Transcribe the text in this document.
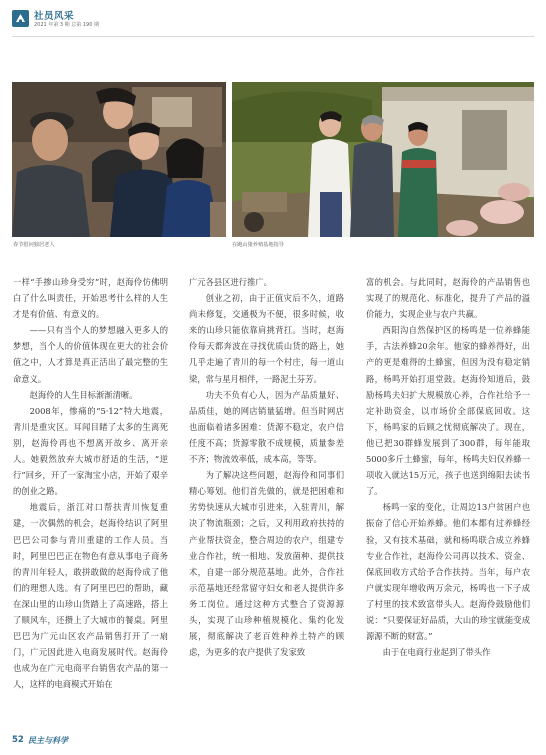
社员风采
2021 年第 3 期 总第 190 期
春节慰问独居老人	在跑山猪养殖基地指导

一样“手掺山珍身受穷”时，赵海伶仿佛明白了什么叫责任，开始思考什么样的人生才是有价值、有意义的。

——只有当个人的梦想融入更多人的梦想，当个人的价值体现在更大的社会价值之中，人才算是真正活出了最完整的生命意义。

赵海伶的人生目标渐渐清晰。

2008年，惨痛的“5·12”特大地震，青川是重灾区。耳闻目睹了太多的生离死别，赵海伶再也不想离开故乡、离开亲人。她毅然放弃大城市舒适的生活，“逆行”回乡，开了一家淘宝小店，开始了艰辛的创业之路。

地震后，浙江对口帮扶青川恢复重建，一次偶然的机会，赵海伶结识了阿里巴巴公司参与青川重建的工作人员。当时，阿里巴巴正在物色有意从事电子商务的青川年轻人，敢拼敢做的赵海伶成了他们的理想人选。有了阿里巴巴的帮助，藏在深山里的山珍山货踏上了高速路，搭上了顺风车，还攒上了大城市的餐桌。阿里巴巴为广元山区农产品销售打开了一扇门，广元因此进入电商发展时代。赵海伶也成为在广元电商平台销售农产品的第一人，这样的电商模式开始在

广元各县区进行推广。

创业之初，由于正值灾后不久，道路尚未修复，交通极为不便，很多时候，收来的山珍只能依靠肩挑背扛。当时，赵海伶每天都奔波在寻找优质山货的路上，她几乎走遍了青川的每一个村庄，每一道山梁，常与星月相伴，一路泥土芬芳。

功夫不负有心人，因为产品质量好、品质佳，她的网店销量猛增。但当时网店也面临着诸多困难：货源不稳定，农户信任度不高；货源零散不成规模，质量参差不齐；物流效率低，成本高，等等。

为了解决这些问题，赵海伶和同事们精心筹划。他们首先做的，就是把困难和劣势快速从大城市引进来，入驻青川，解决了物流瓶颈；之后，又利用政府扶持的产业帮扶资金，整合周边的农户，组建专业合作社，统一相地、发放菌种、提供技术，自建一部分规范基地。此外，合作社示范基地还经常留守妇女和老人提供许多务工岗位。通过这种方式整合了资源源头，实现了山珍种植规模化、集约化发展，彻底解决了老百姓种养土特产的顾虑，为更多的农户提供了发家致

富的机会。与此同时，赵海伶的产品销售也实现了的规范化、标准化，提升了产品的溢价能力，实现企业与农户共赢。

西阳沟自然保护区的杨鸣是一位养蜂能手，古法养蜂20余年。他家的蜂养得好，出产的更是难得的土蜂蜜，但因为没有稳定销路，杨鸣开始打退堂鼓。赵海伶知道后，鼓励杨鸣夫妇扩大规模放心养，合作社给予一定补助资金，以市场价全部保底回收。这下，杨鸣家的后顾之忧彻底解决了。现在，他已把30群蜂发展到了300群，每年能取5000多斤土蜂蜜，每年，杨鸣夫妇仅养蜂一项收入就达15万元，孩子也送到绵阳去读书了。

杨鸣一家的变化，让周边13户贫困户也振奋了信心开始养蜂。他们本都有过养蜂经验，又有技术基础，就和杨鸣联合成立养蜂专业合作社，赵海伶公司再以技术、资金、保底回收方式给予合作扶持。当年，每户农户就实现年增收两万余元，杨鸣也一下子成了村里的技术致富带头人。赵海伶鼓励他们说：“只要保证好品质，大山的珍宝就能变成源源不断的财富。”

由于在电商行业起到了带头作

52 民主与科学
